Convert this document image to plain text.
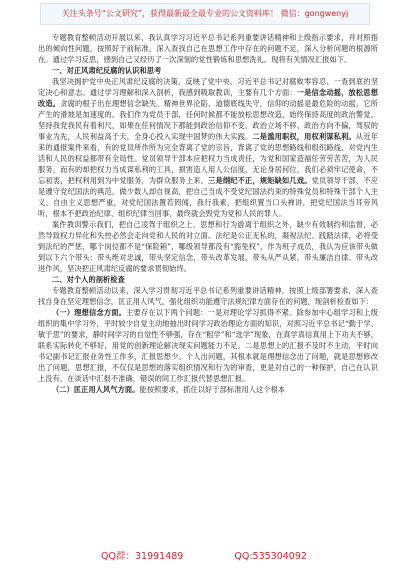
关注头条号“公文研究”，获得最新最全最专业的公文资料库！ 微信：gongwenyj

专题教育整顿活动开展以来，我认真学习习近平总书记系列重要讲话精神和上级指示要求，并对照指出的倾向性问题，按照好于前标准，深入查找自己在思想工作中存在的问题不足，深入分析问题的根源所在。通过学习反思，感到自己又经历了一次深刻的党性锻炼和思想洗礼。现将有关情况汇报如下。

一、对正风肃纪反腐的认识和思考

我坚决拥护党中央正风肃纪反腐的决策，反映了党中央、习近平总书记对腐败零容忍、一查到底的坚定决心和意志。通过学习理解和深入剖析，我感到吸取教训，主要有几个方面：一是信念动摇，放松思想改造。贪腐的根子出在理想信念缺失。精神世界沦陷、道德底线失守，信仰的动摇是最危险的动摇，它所产生的滑坡是加速度的。我们作为党员干部，任何时候都不能放松思想改造，始终保持高度的政治警觉，坚持我党我民有着利尺，如果在任何情况下都能到政治信仰不变、政治立场不移、政治方向不偏，驾驭的事业为先，人民利益高于天，全身心投入实现中国梦的伟大实践。二是滥用职权，用权利谋私利。从近年来的通报案件来看，有的党员所作所为完全背离了党的宗旨，背离了党的思想路线和组织路线，对党内生活和人民的权益都带有全局性。党员领导干部本应把权力当成责任，为党和国家造福任劳劳苦苦，为人民服务，而有的却把权力当成谋私利的工具，损害造人用人公信度，无论身居何位，我们必须牢记使命，不忘初衷，把权利用到为中党服务，为群众服务上来。三是纲纪不正，规矩缺如几戏。党员领导干部，不应是遵守党纪国法的典范，做少数人却自视高，把自己当成不受党纪国法约束的特殊党员和特殊干部个人主义、自由主义思想严重，对党纪国法置若罔闻，我行我素，把组织置当口头禅讲，把党纪国法当耳旁风听，根本不把政治纪律、组织纪律当回事，最终就会毁党为党和人民的罪人。

案件教训警示我们，把自己凌驾于组织之上，思想和行为游离于组织之外，缺少有效制约和监督，必然导致权力异化和失控必然会走向党和人民的对立面。法纪是公正无私的，凝视法纪、践踏法律，必将受到法纪的严惩，哪个岗位都不是“保险箱”，哪级领导都没有“豁免权”，作为班子成员，我认为应该带头做到以下六个带头：带头绝对忠诚，带头坚定信念，带头改革发展，带头从严从紧，带头廉洁自律。带头改进作风，坚决把正风肃纪反腐的要求贯彻始终。

二、对个人的剖析检查

专题教育整顿活动以来，深入学习贯彻习近平总书记系列重要讲话精神，按照上级部署要求，深入查找自身在坚定理想信念，匡正用人风气，强化组织功能遵守法规纪律方面存在的问题，现剖析检查如下：

（一）理想信念方面。主要存在以下两个问题：一是对理论学习抓得不紧。除参加中心组学习和上级组织的集中学习外，平时较少自觉主动地抽出时间学习政治理论方面的知识，对照习近平总书记“勤于学、敏于思”的要求，静时间学习的自觉性不够强，存在“粗学”和“选学”现象，在真学真信真用上下功夫不够，联系实际转化不够好，用党的创新理论解决现实问题能力不足。二是思想上的汇报不及时不主动，平时向书记副书记汇报业务性工作多，汇报思想少。个人出问题，其根本就是理想信念出了问题，就是思想修改出了问题，思想汇报，不仅仅是思想的落实组织情况和行为的审查，更是对自己的一种保护，自己在认识上没有，在谈话中汇报不准确，错误的同工作汇报代替思想汇报。

（二）匡正用人风气方面。能按照要求，抓住以好于部标准用人这个根本

QQ群：31991489	QQ:535304092
